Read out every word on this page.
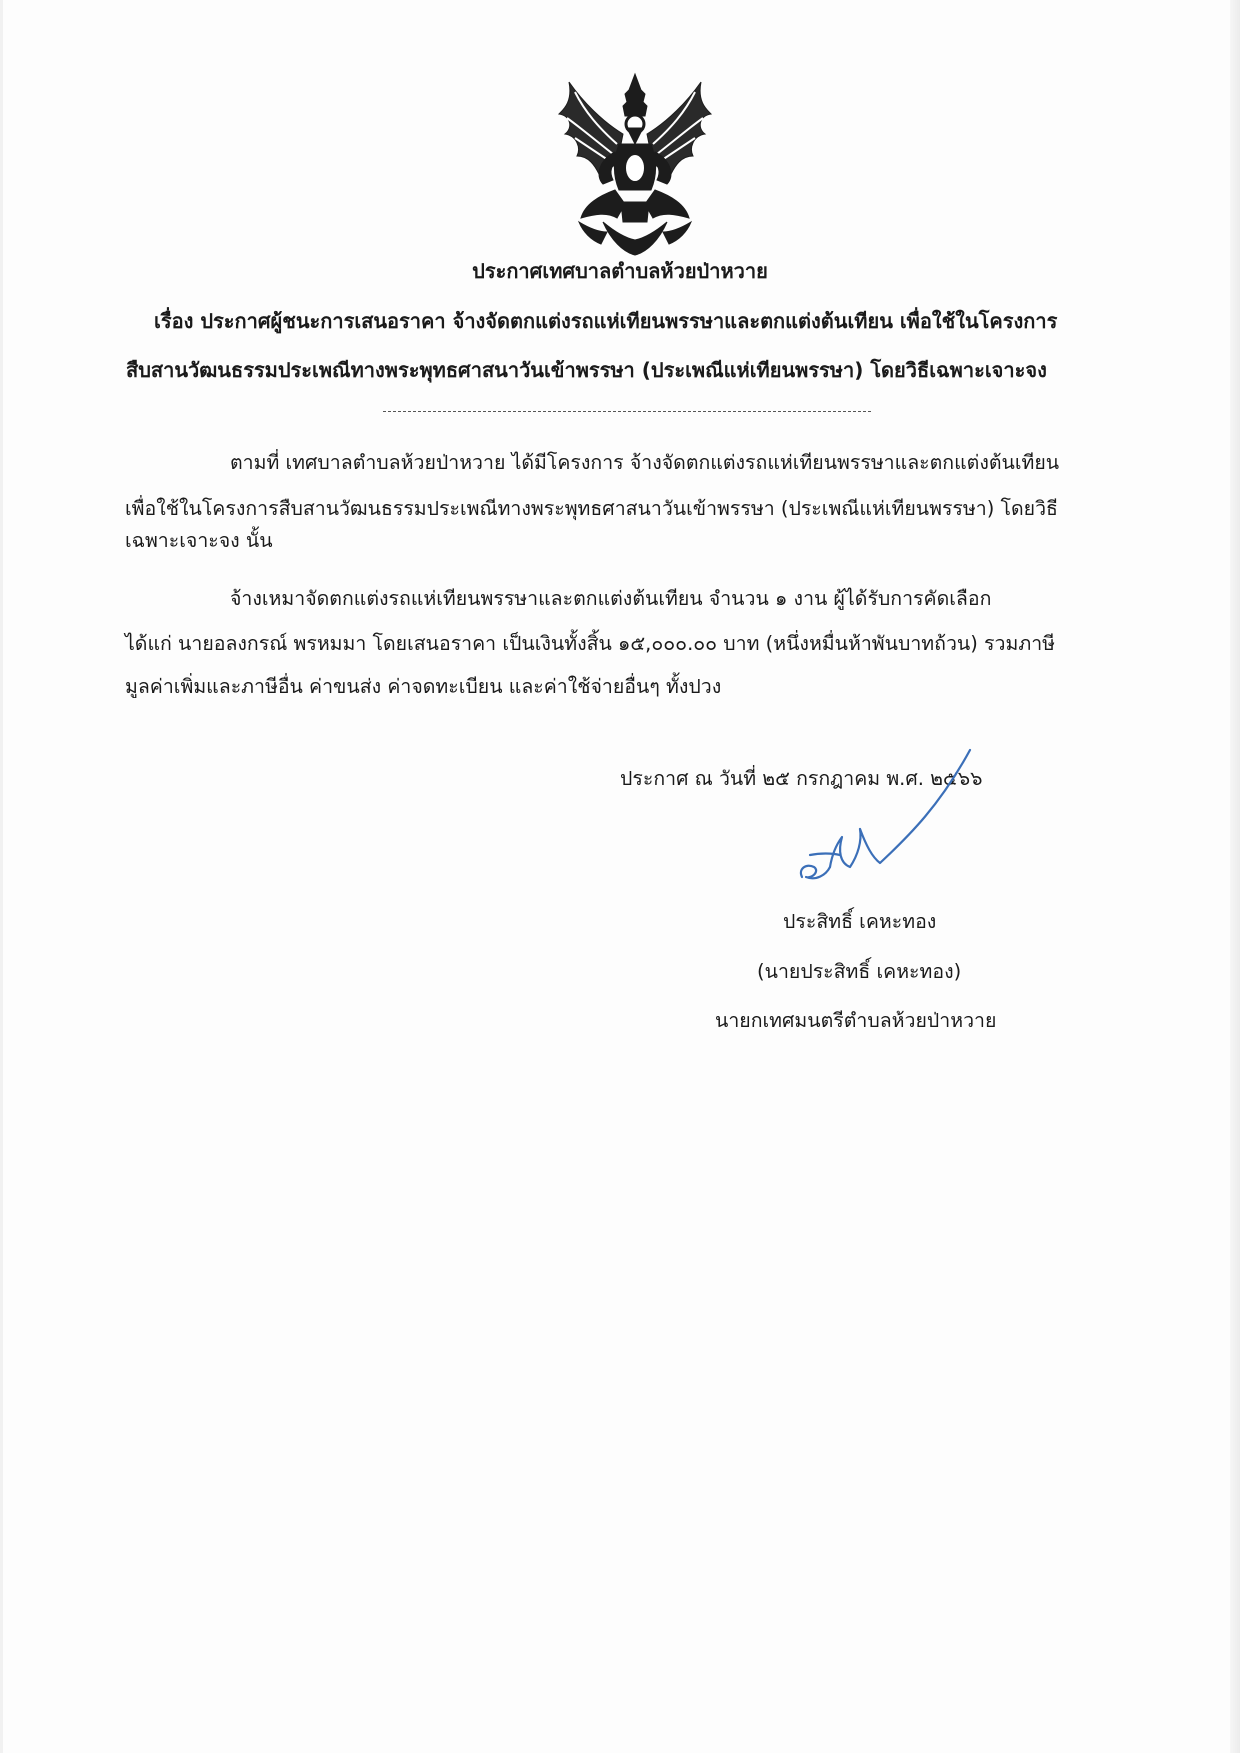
ประกาศเทศบาลตำบลห้วยป่าหวาย
เรื่อง ประกาศผู้ชนะการเสนอราคา จ้างจัดตกแต่งรถแห่เทียนพรรษาและตกแต่งต้นเทียน เพื่อใช้ในโครงการ
สืบสานวัฒนธรรมประเพณีทางพระพุทธศาสนาวันเข้าพรรษา (ประเพณีแห่เทียนพรรษา) โดยวิธีเฉพาะเจาะจง
ตามที่ เทศบาลตำบลห้วยป่าหวาย ได้มีโครงการ จ้างจัดตกแต่งรถแห่เทียนพรรษาและตกแต่งต้นเทียน
เพื่อใช้ในโครงการสืบสานวัฒนธรรมประเพณีทางพระพุทธศาสนาวันเข้าพรรษา (ประเพณีแห่เทียนพรรษา) โดยวิธี
เฉพาะเจาะจง นั้น
จ้างเหมาจัดตกแต่งรถแห่เทียนพรรษาและตกแต่งต้นเทียน จำนวน ๑ งาน ผู้ได้รับการคัดเลือก
ได้แก่ นายอลงกรณ์ พรหมมา โดยเสนอราคา เป็นเงินทั้งสิ้น ๑๕,๐๐๐.๐๐ บาท (หนึ่งหมื่นห้าพันบาทถ้วน) รวมภาษี
มูลค่าเพิ่มและภาษีอื่น ค่าขนส่ง ค่าจดทะเบียน และค่าใช้จ่ายอื่นๆ ทั้งปวง
ประกาศ ณ วันที่ ๒๕ กรกฎาคม พ.ศ. ๒๕๖๖
ประสิทธิ์ เคหะทอง
(นายประสิทธิ์ เคหะทอง)
นายกเทศมนตรีตำบลห้วยป่าหวาย
